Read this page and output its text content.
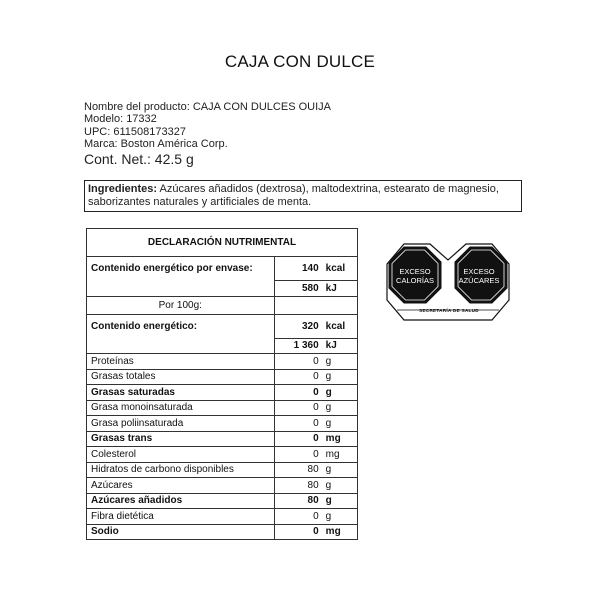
CAJA CON DULCE
Nombre del producto: CAJA CON DULCES OUIJA
Modelo: 17332
UPC: 611508173327
Marca: Boston América Corp.
Cont. Net.: 42.5 g
Ingredientes: Azúcares añadidos (dextrosa), maltodextrina, estearato de magnesio, saborizantes naturales y artificiales de menta.
DECLARACIÓN NUTRIMENTAL		
Contenido energético por envase:	140	kcal
	580	kJ
Por 100g:		
Contenido energético:	320	kcal
	1 360	kJ
Proteínas	0	g
Grasas totales	0	g
Grasas saturadas	0	g
Grasa monoinsaturada	0	g
Grasa poliinsaturada	0	g
Grasas trans	0	mg
Colesterol	0	mg
Hidratos de carbono disponibles	80	g
Azúcares	80	g
Azúcares añadidos	80	g
Fibra dietética	0	g
Sodio	0	mg
EXCESO
CALORÍAS
EXCESO
AZÚCARES
SECRETARÍA DE SALUD
